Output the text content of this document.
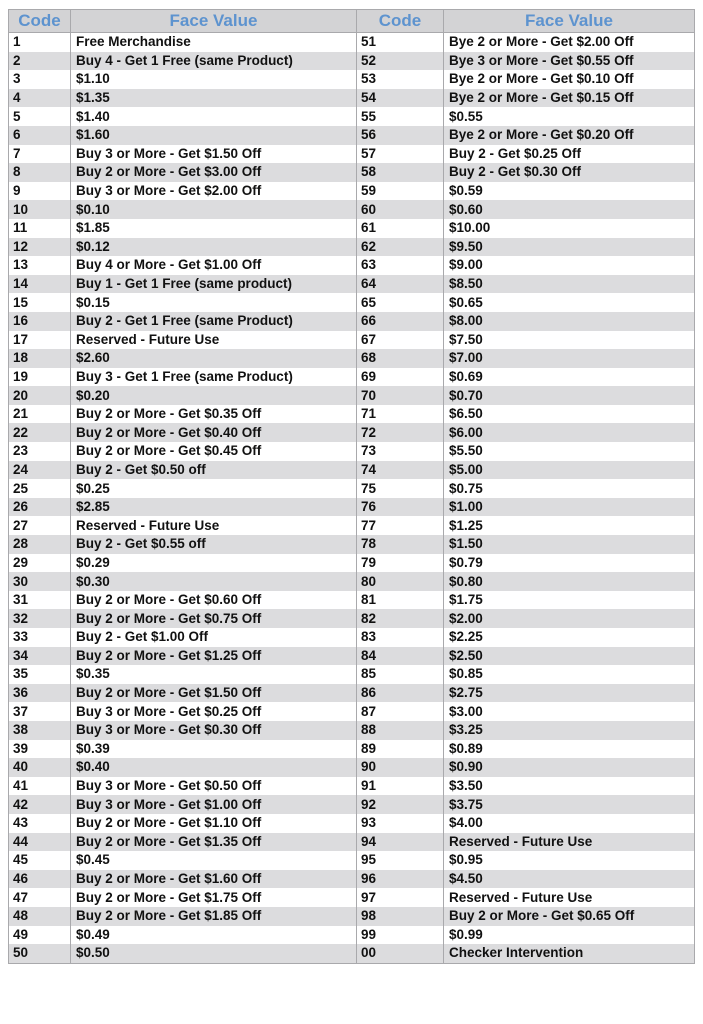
Code	Face Value	Code	Face Value
1	Free Merchandise	51	Bye 2 or More - Get $2.00 Off
2	Buy 4 - Get 1 Free (same Product)	52	Bye 3 or More - Get $0.55 Off
3	$1.10	53	Bye 2 or More - Get $0.10 Off
4	$1.35	54	Bye 2 or More - Get $0.15 Off
5	$1.40	55	$0.55
6	$1.60	56	Bye 2 or More - Get $0.20 Off
7	Buy 3 or More - Get $1.50 Off	57	Buy 2 - Get $0.25 Off
8	Buy 2 or More - Get $3.00 Off	58	Buy 2 - Get $0.30 Off
9	Buy 3 or More - Get $2.00 Off	59	$0.59
10	$0.10	60	$0.60
11	$1.85	61	$10.00
12	$0.12	62	$9.50
13	Buy 4 or More - Get $1.00 Off	63	$9.00
14	Buy 1 - Get 1 Free (same product)	64	$8.50
15	$0.15	65	$0.65
16	Buy 2 - Get 1 Free (same Product)	66	$8.00
17	Reserved - Future Use	67	$7.50
18	$2.60	68	$7.00
19	Buy 3 - Get 1 Free (same Product)	69	$0.69
20	$0.20	70	$0.70
21	Buy 2 or More - Get $0.35 Off	71	$6.50
22	Buy 2 or More - Get $0.40 Off	72	$6.00
23	Buy 2 or More - Get $0.45 Off	73	$5.50
24	Buy 2 - Get $0.50 off	74	$5.00
25	$0.25	75	$0.75
26	$2.85	76	$1.00
27	Reserved - Future Use	77	$1.25
28	Buy 2 - Get $0.55 off	78	$1.50
29	$0.29	79	$0.79
30	$0.30	80	$0.80
31	Buy 2 or More - Get $0.60 Off	81	$1.75
32	Buy 2 or More - Get $0.75 Off	82	$2.00
33	Buy 2 - Get $1.00 Off	83	$2.25
34	Buy 2 or More - Get $1.25 Off	84	$2.50
35	$0.35	85	$0.85
36	Buy 2 or More - Get $1.50 Off	86	$2.75
37	Buy 3 or More - Get $0.25 Off	87	$3.00
38	Buy 3 or More - Get $0.30 Off	88	$3.25
39	$0.39	89	$0.89
40	$0.40	90	$0.90
41	Buy 3 or More - Get $0.50 Off	91	$3.50
42	Buy 3 or More - Get $1.00 Off	92	$3.75
43	Buy 2 or More - Get $1.10 Off	93	$4.00
44	Buy 2 or More - Get $1.35 Off	94	Reserved - Future Use
45	$0.45	95	$0.95
46	Buy 2 or More - Get $1.60 Off	96	$4.50
47	Buy 2 or More - Get $1.75 Off	97	Reserved - Future Use
48	Buy 2 or More - Get $1.85 Off	98	Buy 2 or More - Get $0.65 Off
49	$0.49	99	$0.99
50	$0.50	00	Checker Intervention
